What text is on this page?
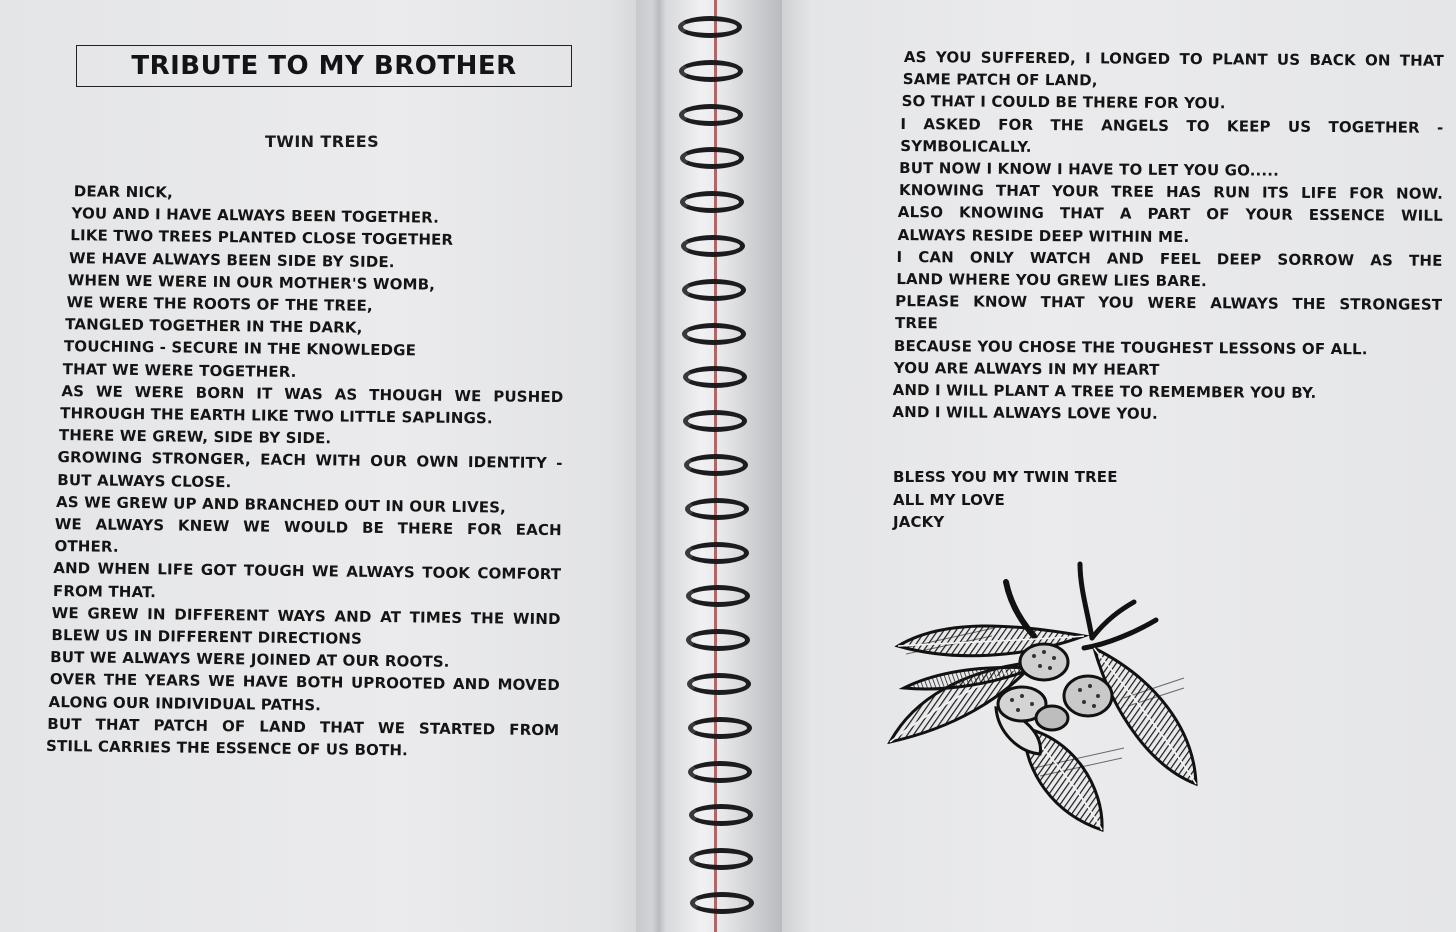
TRIBUTE TO MY BROTHER
TWIN TREES
DEAR NICK,
YOU AND I HAVE ALWAYS BEEN TOGETHER.
LIKE TWO TREES PLANTED CLOSE TOGETHER
WE HAVE ALWAYS BEEN SIDE BY SIDE.
WHEN WE WERE IN OUR MOTHER'S WOMB,
WE WERE THE ROOTS OF THE TREE,
TANGLED TOGETHER IN THE DARK,
TOUCHING - SECURE IN THE KNOWLEDGE
THAT WE WERE TOGETHER.
AS WE WERE BORN IT WAS AS THOUGH WE PUSHED
THROUGH THE EARTH LIKE TWO LITTLE SAPLINGS.
THERE WE GREW, SIDE BY SIDE.
GROWING STRONGER, EACH WITH OUR OWN IDENTITY -
BUT ALWAYS CLOSE.
AS WE GREW UP AND BRANCHED OUT IN OUR LIVES,
WE ALWAYS KNEW WE WOULD BE THERE FOR EACH
OTHER.
AND WHEN LIFE GOT TOUGH WE ALWAYS TOOK COMFORT
FROM THAT.
WE GREW IN DIFFERENT WAYS AND AT TIMES THE WIND
BLEW US IN DIFFERENT DIRECTIONS
BUT WE ALWAYS WERE JOINED AT OUR ROOTS.
OVER THE YEARS WE HAVE BOTH UPROOTED AND MOVED
ALONG OUR INDIVIDUAL PATHS.
BUT THAT PATCH OF LAND THAT WE STARTED FROM
STILL CARRIES THE ESSENCE OF US BOTH.
AS YOU SUFFERED, I LONGED TO PLANT US BACK ON THAT
SAME PATCH OF LAND,
SO THAT I COULD BE THERE FOR YOU.
I ASKED FOR THE ANGELS TO KEEP US TOGETHER -
SYMBOLICALLY.
BUT NOW I KNOW I HAVE TO LET YOU GO.....
KNOWING THAT YOUR TREE HAS RUN ITS LIFE FOR NOW.
ALSO KNOWING THAT A PART OF YOUR ESSENCE WILL
ALWAYS RESIDE DEEP WITHIN ME.
I CAN ONLY WATCH AND FEEL DEEP SORROW AS THE
LAND WHERE YOU GREW LIES BARE.
PLEASE KNOW THAT YOU WERE ALWAYS THE STRONGEST
TREE
BECAUSE YOU CHOSE THE TOUGHEST LESSONS OF ALL.
YOU ARE ALWAYS IN MY HEART
AND I WILL PLANT A TREE TO REMEMBER YOU BY.
AND I WILL ALWAYS LOVE YOU.
BLESS YOU MY TWIN TREE
ALL MY LOVE
JACKY
